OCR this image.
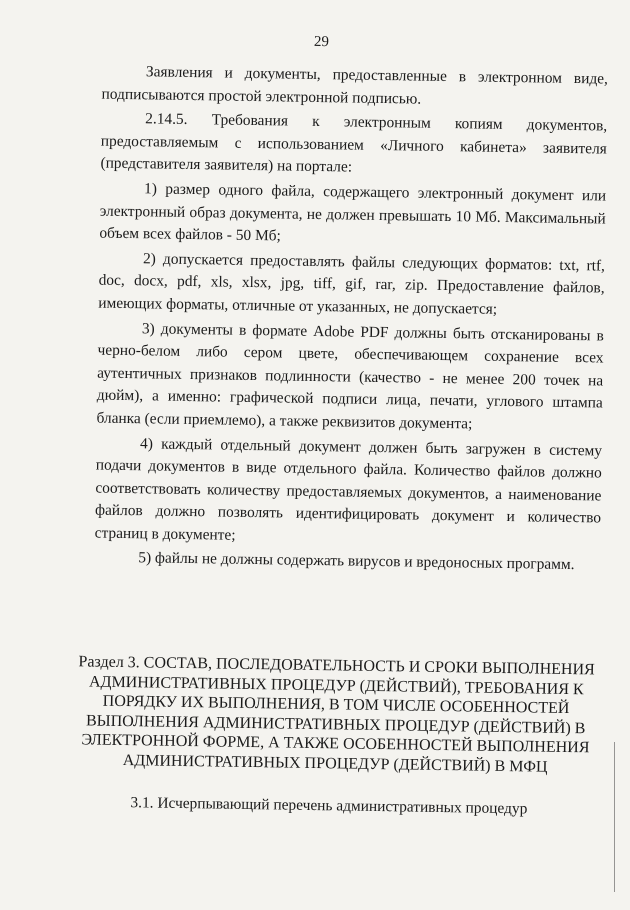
29

Заявления и документы, предоставленные в электронном виде, подписываются простой электронной подписью.

2.14.5. Требования к электронным копиям документов, предоставляемым с использованием «Личного кабинета» заявителя (представителя заявителя) на портале:

1) размер одного файла, содержащего электронный документ или электронный образ документа, не должен превышать 10 Мб. Максимальный объем всех файлов - 50 Мб;

2) допускается предоставлять файлы следующих форматов: txt, rtf, doc, docx, pdf, xls, xlsx, jpg, tiff, gif, rar, zip. Предоставление файлов, имеющих форматы, отличные от указанных, не допускается;

3) документы в формате Adobe PDF должны быть отсканированы в черно-белом либо сером цвете, обеспечивающем сохранение всех аутентичных признаков подлинности (качество - не менее 200 точек на дюйм), а именно: графической подписи лица, печати, углового штампа бланка (если приемлемо), а также реквизитов документа;

4) каждый отдельный документ должен быть загружен в систему подачи документов в виде отдельного файла. Количество файлов должно соответствовать количеству предоставляемых документов, а наименование файлов должно позволять идентифицировать документ и количество страниц в документе;

5) файлы не должны содержать вирусов и вредоносных программ.

Раздел 3. СОСТАВ, ПОСЛЕДОВАТЕЛЬНОСТЬ И СРОКИ ВЫПОЛНЕНИЯ

АДМИНИСТРАТИВНЫХ ПРОЦЕДУР (ДЕЙСТВИЙ), ТРЕБОВАНИЯ К

ПОРЯДКУ ИХ ВЫПОЛНЕНИЯ, В ТОМ ЧИСЛЕ ОСОБЕННОСТЕЙ

ВЫПОЛНЕНИЯ АДМИНИСТРАТИВНЫХ ПРОЦЕДУР (ДЕЙСТВИЙ) В

ЭЛЕКТРОННОЙ ФОРМЕ, А ТАКЖЕ ОСОБЕННОСТЕЙ ВЫПОЛНЕНИЯ

АДМИНИСТРАТИВНЫХ ПРОЦЕДУР (ДЕЙСТВИЙ) В МФЦ

3.1. Исчерпывающий перечень административных процедур
